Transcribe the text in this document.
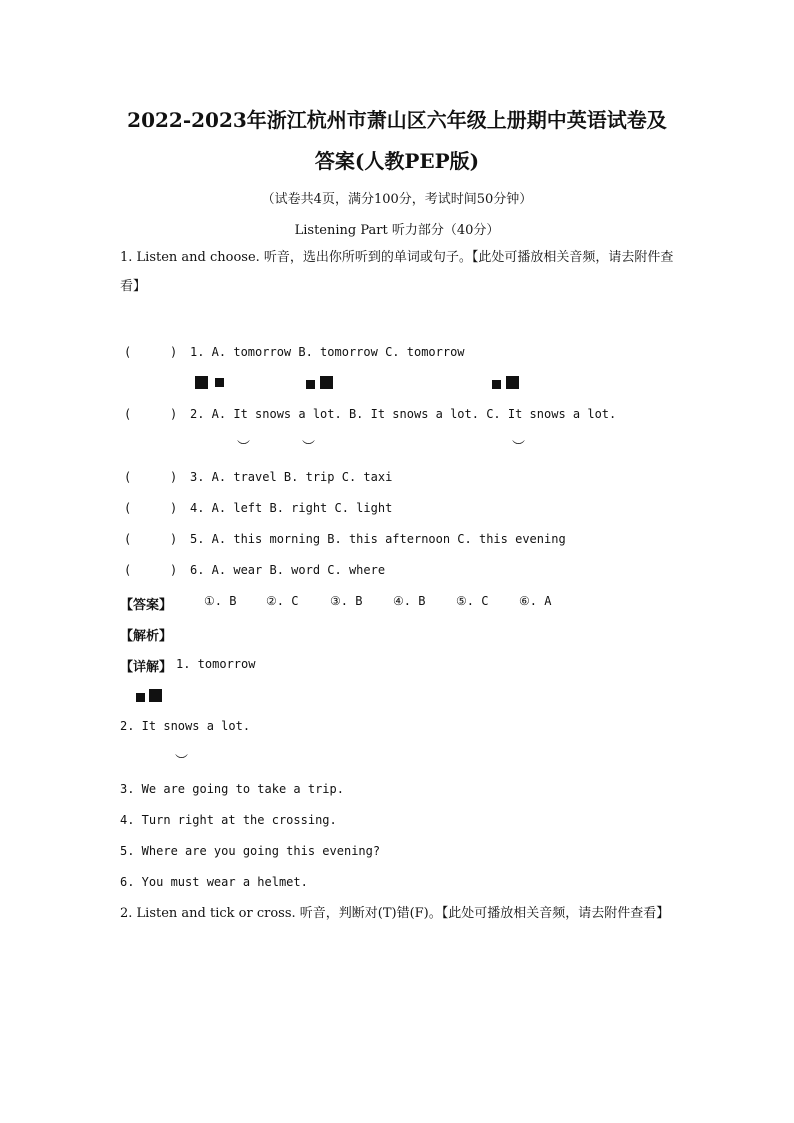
2022-2023年浙江杭州市萧山区六年级上册期中英语试卷及
答案(人教PEP版)
（试卷共4页，满分100分，考试时间50分钟）
Listening Part 听力部分（40分）
1. Listen and choose. 听音，选出你所听到的单词或句子。【此处可播放相关音频，请去附件查看】
(	) 1. A. tomorrow B. tomorrow C. tomorrow
(	) 2. A. It snows a lot. B. It snows a lot. C. It snows a lot.
︶	︶	︶
(	) 3. A. travel B. trip C. taxi
(	) 4. A. left B. right C. light
(	) 5. A. this morning B. this afternoon C. this evening
(	) 6. A. wear B. word C. where
【答案】	①. B ②. C	③. B	④. B	⑤. C	⑥. A
【解析】
【详解】 1. tomorrow
2. It snows a lot.
︶
3. We are going to take a trip.
4. Turn right at the crossing.
5. Where are you going this evening?
6. You must wear a helmet.
2. Listen and tick or cross. 听音，判断对(T)错(F)。【此处可播放相关音频，请去附件查看】
